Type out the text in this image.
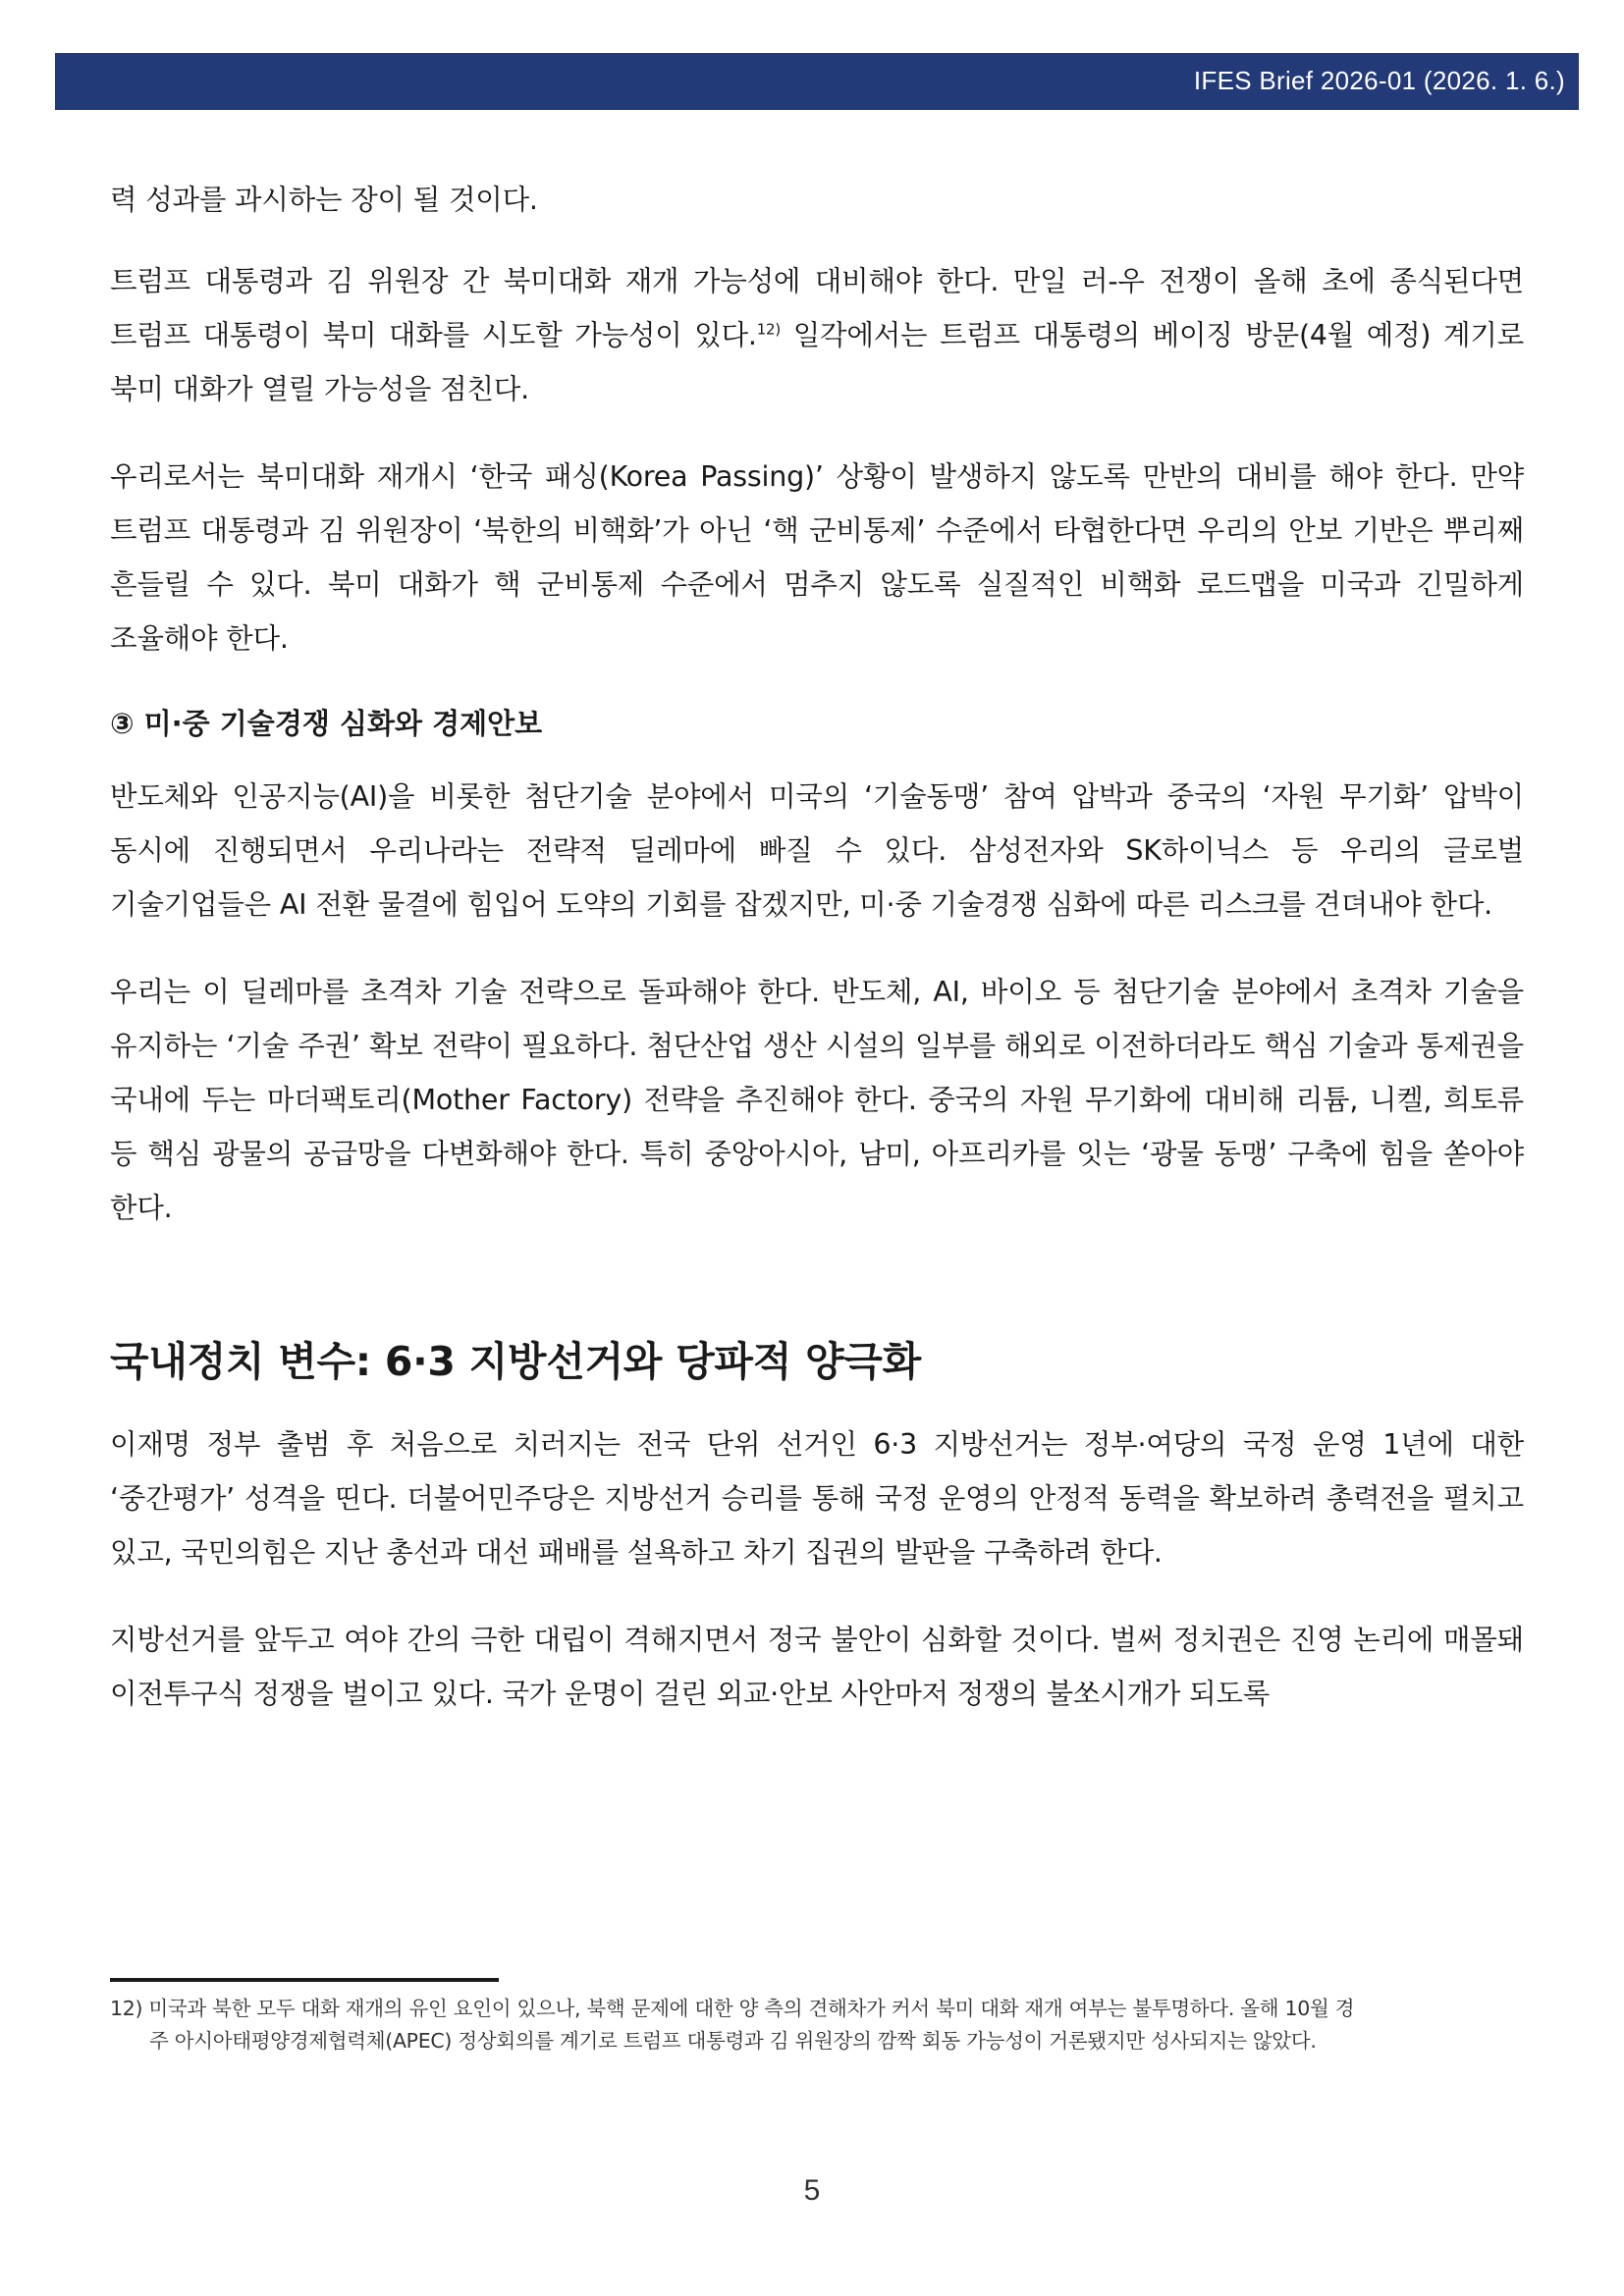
IFES Brief 2026-01 (2026. 1. 6.)

력 성과를 과시하는 장이 될 것이다.

트럼프 대통령과 김 위원장 간 북미대화 재개 가능성에 대비해야 한다. 만일 러-우 전쟁이 올해 초에 종식된다면 트럼프 대통령이 북미 대화를 시도할 가능성이 있다.$^{12)}$ 일각에서는 트럼프 대통령의 베이징 방문(4월 예정) 계기로 북미 대화가 열릴 가능성을 점친다.

우리로서는 북미대화 재개시 ‘한국 패싱(Korea Passing)’ 상황이 발생하지 않도록 만반의 대비를 해야 한다. 만약 트럼프 대통령과 김 위원장이 ‘북한의 비핵화’가 아닌 ‘핵 군비통제’ 수준에서 타협한다면 우리의 안보 기반은 뿌리째 흔들릴 수 있다. 북미 대화가 핵 군비통제 수준에서 멈추지 않도록 실질적인 비핵화 로드맵을 미국과 긴밀하게 조율해야 한다.

③ 미·중 기술경쟁 심화와 경제안보

반도체와 인공지능(AI)을 비롯한 첨단기술 분야에서 미국의 ‘기술동맹’ 참여 압박과 중국의 ‘자원 무기화’ 압박이 동시에 진행되면서 우리나라는 전략적 딜레마에 빠질 수 있다. 삼성전자와 SK하이닉스 등 우리의 글로벌 기술기업들은 AI 전환 물결에 힘입어 도약의 기회를 잡겠지만, 미·중 기술경쟁 심화에 따른 리스크를 견뎌내야 한다.

우리는 이 딜레마를 초격차 기술 전략으로 돌파해야 한다. 반도체, AI, 바이오 등 첨단기술 분야에서 초격차 기술을 유지하는 ‘기술 주권’ 확보 전략이 필요하다. 첨단산업 생산 시설의 일부를 해외로 이전하더라도 핵심 기술과 통제권을 국내에 두는 마더팩토리(Mother Factory) 전략을 추진해야 한다. 중국의 자원 무기화에 대비해 리튬, 니켈, 희토류 등 핵심 광물의 공급망을 다변화해야 한다. 특히 중앙아시아, 남미, 아프리카를 잇는 ‘광물 동맹’ 구축에 힘을 쏟아야 한다.

국내정치 변수: 6·3 지방선거와 당파적 양극화

이재명 정부 출범 후 처음으로 치러지는 전국 단위 선거인 6·3 지방선거는 정부·여당의 국정 운영 1년에 대한 ‘중간평가’ 성격을 띤다. 더불어민주당은 지방선거 승리를 통해 국정 운영의 안정적 동력을 확보하려 총력전을 펼치고 있고, 국민의힘은 지난 총선과 대선 패배를 설욕하고 차기 집권의 발판을 구축하려 한다.

지방선거를 앞두고 여야 간의 극한 대립이 격해지면서 정국 불안이 심화할 것이다. 벌써 정치권은 진영 논리에 매몰돼 이전투구식 정쟁을 벌이고 있다. 국가 운명이 걸린 외교·안보 사안마저 정쟁의 불쏘시개가 되도록

12) 미국과 북한 모두 대화 재개의 유인 요인이 있으나, 북핵 문제에 대한 양 측의 견해차가 커서 북미 대화 재개 여부는 불투명하다. 올해 10월 경
주 아시아태평양경제협력체(APEC) 정상회의를 계기로 트럼프 대통령과 김 위원장의 깜짝 회동 가능성이 거론됐지만 성사되지는 않았다.
5
